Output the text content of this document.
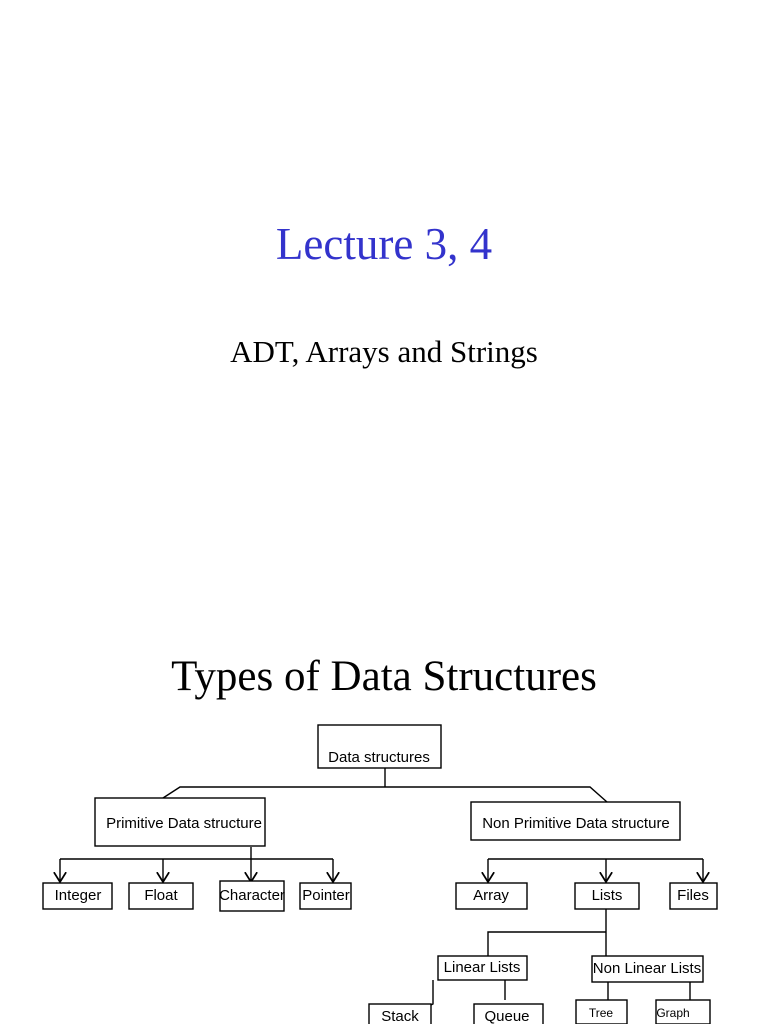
Lecture 3, 4
ADT, Arrays and Strings
Types of Data Structures
Data structures
Primitive Data structure	Non Primitive Data structure
Integer	Float	Character Pointer	Array	Lists	Files
Linear Lists	Non Linear Lists
Stack	Queue	Tree	Graph
